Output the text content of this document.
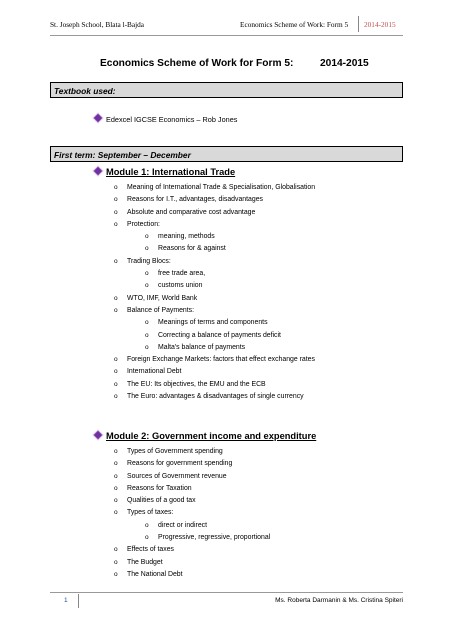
St. Joseph School, Blata l-Bajda	Economics Scheme of Work: Form 5 2014-2015
Economics Scheme of Work for Form 5:	2014-2015
Textbook used:
Edexcel IGCSE Economics – Rob Jones
First term: September – December
Module 1: International Trade
o Meaning of International Trade & Specialisation, Globalisation
o Reasons for I.T., advantages, disadvantages
o Absolute and comparative cost advantage
o Protection:
o meaning, methods
o Reasons for & against
o Trading Blocs:
o free trade area,
o customs union
o WTO, IMF, World Bank
o Balance of Payments:
o Meanings of terms and components
o Correcting a balance of payments deficit
o Malta's balance of payments
o Foreign Exchange Markets: factors that effect exchange rates
o International Debt
o The EU: Its objectives, the EMU and the ECB
o The Euro: advantages & disadvantages of single currency
Module 2: Government income and expenditure
o Types of Government spending
o Reasons for government spending
o Sources of Government revenue
o Reasons for Taxation
o Qualities of a good tax
o Types of taxes:
o direct or indirect
o Progressive, regressive, proportional
o Effects of taxes
o The Budget
o The National Debt
1	Ms. Roberta Darmanin & Ms. Cristina Spiteri
